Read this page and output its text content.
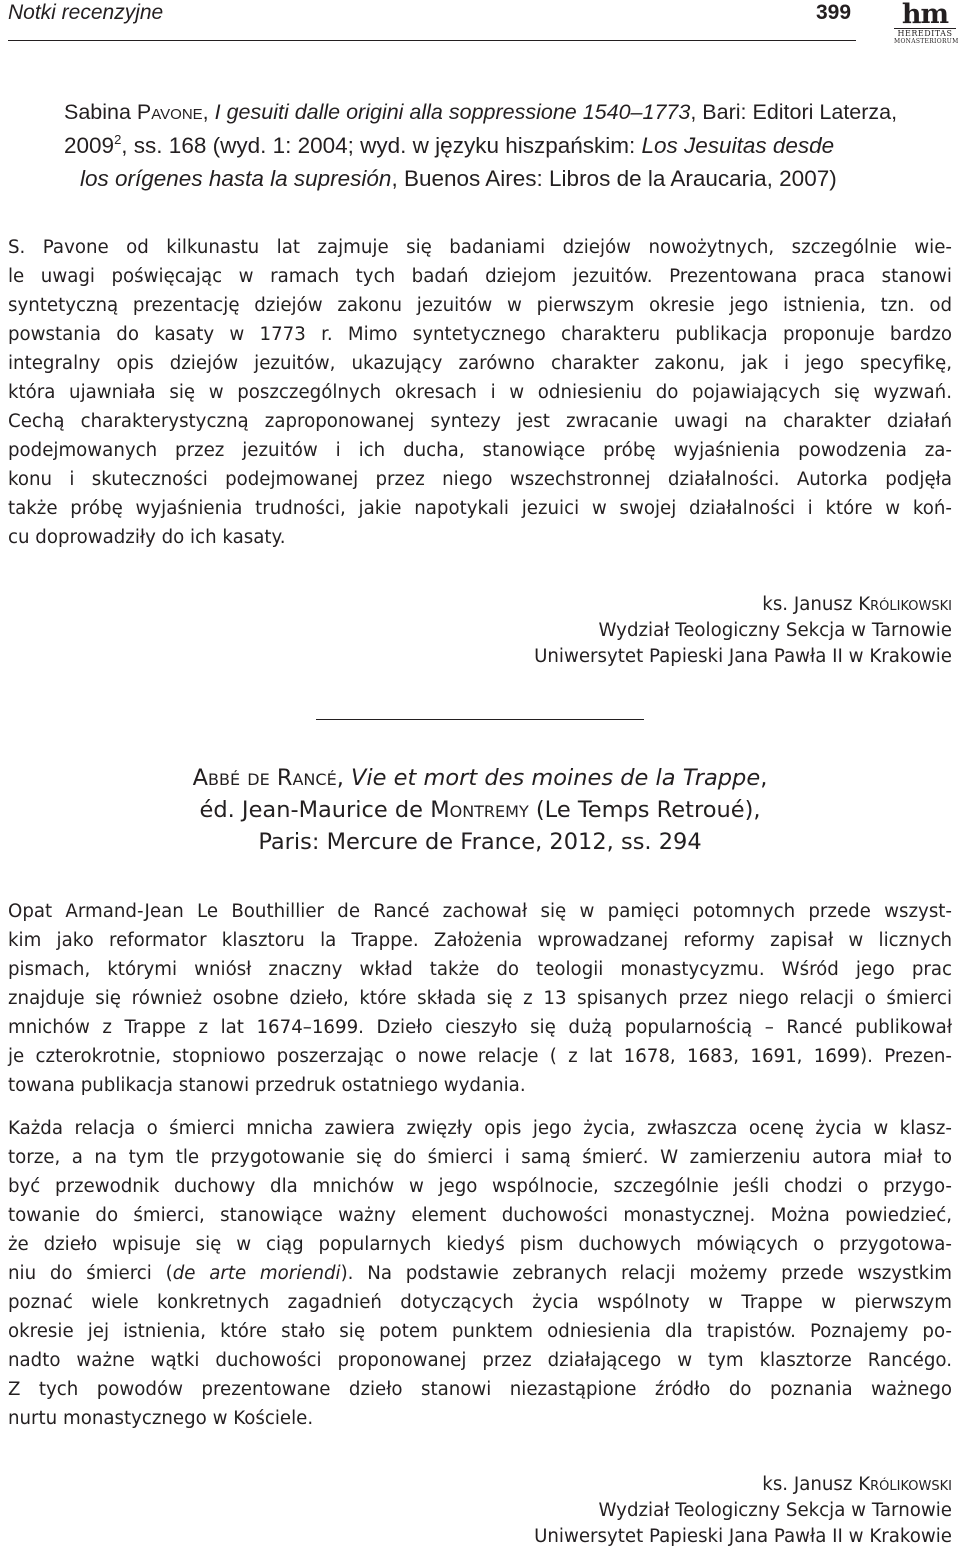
Notki recenzyjne	399 hm
HEREDITAS
MONASTERIORUM
Sabina Pavone, I gesuiti dalle origini alla soppressione 1540–1773, Bari: Editori Laterza,
2009$^2$, ss. 168 (wyd. 1: 2004; wyd. w języku hiszpańskim: Los Jesuitas desde
los orígenes hasta la supresión, Buenos Aires: Libros de la Araucaria, 2007)
S. Pavone od kilkunastu lat zajmuje się badaniami dziejów nowożytnych, szczególnie wie-
le uwagi poświęcając w ramach tych badań dziejom jezuitów. Prezentowana praca stanowi
syntetyczną prezentację dziejów zakonu jezuitów w pierwszym okresie jego istnienia, tzn. od
powstania do kasaty w 1773 r. Mimo syntetycznego charakteru publikacja proponuje bardzo
integralny opis dziejów jezuitów, ukazujący zarówno charakter zakonu, jak i jego specyfikę,
która ujawniała się w poszczególnych okresach i w odniesieniu do pojawiających się wyzwań.
Cechą charakterystyczną zaproponowanej syntezy jest zwracanie uwagi na charakter działań
podejmowanych przez jezuitów i ich ducha, stanowiące próbę wyjaśnienia powodzenia za-
konu i skuteczności podejmowanej przez niego wszechstronnej działalności. Autorka podjęła
także próbę wyjaśnienia trudności, jakie napotykali jezuici w swojej działalności i które w koń-
cu doprowadziły do ich kasaty.
ks. Janusz Królikowski
Wydział Teologiczny Sekcja w Tarnowie
Uniwersytet Papieski Jana Pawła II w Krakowie
Abbé de Rancé, Vie et mort des moines de la Trappe,
éd. Jean-Maurice de Montremy (Le Temps Retroué),
Paris: Mercure de France, 2012, ss. 294
Opat Armand-Jean Le Bouthillier de Rancé zachował się w pamięci potomnych przede wszyst-
kim jako reformator klasztoru la Trappe. Założenia wprowadzanej reformy zapisał w licznych
pismach, którymi wniósł znaczny wkład także do teologii monastycyzmu. Wśród jego prac
znajduje się również osobne dzieło, które składa się z 13 spisanych przez niego relacji o śmierci
mnichów z Trappe z lat 1674–1699. Dzieło cieszyło się dużą popularnością – Rancé publikował
je czterokrotnie, stopniowo poszerzając o nowe relacje ( z lat 1678, 1683, 1691, 1699). Prezen-
towana publikacja stanowi przedruk ostatniego wydania.
Każda relacja o śmierci mnicha zawiera zwięzły opis jego życia, zwłaszcza ocenę życia w klasz-
torze, a na tym tle przygotowanie się do śmierci i samą śmierć. W zamierzeniu autora miał to
być przewodnik duchowy dla mnichów w jego wspólnocie, szczególnie jeśli chodzi o przygo-
towanie do śmierci, stanowiące ważny element duchowości monastycznej. Można powiedzieć,
że dzieło wpisuje się w ciąg popularnych kiedyś pism duchowych mówiących o przygotowa-
niu do śmierci (de arte moriendi). Na podstawie zebranych relacji możemy przede wszystkim
poznać wiele konkretnych zagadnień dotyczących życia wspólnoty w Trappe w pierwszym
okresie jej istnienia, które stało się potem punktem odniesienia dla trapistów. Poznajemy po-
nadto ważne wątki duchowości proponowanej przez działającego w tym klasztorze Rancégo.
Z tych powodów prezentowane dzieło stanowi niezastąpione źródło do poznania ważnego
nurtu monastycznego w Kościele.
ks. Janusz Królikowski
Wydział Teologiczny Sekcja w Tarnowie
Uniwersytet Papieski Jana Pawła II w Krakowie
